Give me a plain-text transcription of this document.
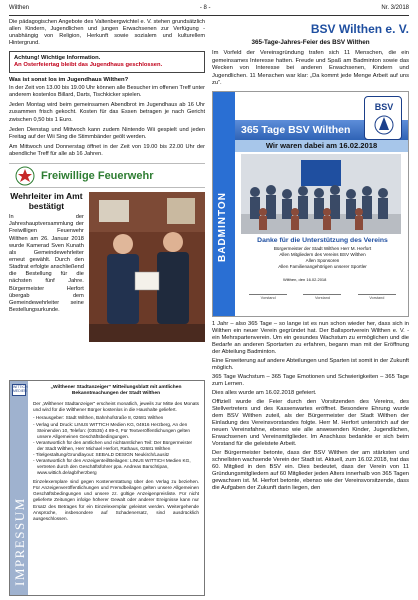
Wilthen	- 8 -	Nr. 3/2018

Die pädagogischen Angebote des Valtenbergwichtel e. V. stehen grundsätzlich allen Kindern, Jugendlichen und jungen Erwachsenen zur Verfügung - unabhängig von Religion, Herkunft sowie sozialem und kulturellem Hintergrund.

Achtung! Wichtige Information.
An Osterfeiertag bleibt das Jugendhaus geschlossen.
Was ist sonst los im Jugendhaus Wilthen?

In der Zeit von 13.00 bis 19.00 Uhr können alle Besucher im offenen Treff unter anderem kostenlos Billard, Darts, Tischkicker spielen.

Jeden Montag wird beim gemeinsamen Abendbrot im Jugendhaus ab 16 Uhr zusammen frisch gekocht. Kosten für das Essen betragen je nach Gericht zwischen 0,50 bis 1 Euro.

Jeden Dienstag und Mittwoch kann zudem Nintendo Wii gespielt und jeden Freitag auf der Wii Sing die Stimmbänder geölt werden.

Am Mittwoch und Donnerstag öffnet in der Zeit von 19.00 bis 22.00 Uhr der abendliche Treff für alle ab 16 Jahren.

Freiwillige Feuerwehr
Wehrleiter im Amt bestätigt

In der Jahreshauptversammlung der Freiwilligen Feuerwehr Wilthen am 26. Januar 2018 wurde Kamerad Sven Kunath als Gemeindewehrleiter erneut gewählt. Durch den Stadtrat erfolgte anschließend die Bestellung für die nächsten fünf Jahre. Bürgermeister Herfort übergab dem Gemeindewehrleiter seine Bestellungsurkunde.

WITTICH MEDIEN
IMPRESSUM
„Wilthener Stadtanzeiger“ Mitteilungsblatt mit amtlichen Bekanntmachungen der Stadt Wilthen

Der „Wilthener Stadtanzeiger“ erscheint monatlich, jeweils zur Mitte des Monats und wird für die Wilthener Bürger kostenlos in die Haushalte geliefert.

- Herausgeber: Stadt Wilthen, Bahnhofstraße 8, 02681 Wilthen
- Verlag und Druck: LINUS WITTICH Medien KG, 04916 Herzberg, An den Steinenden 10, Telefon: (03535) 4 89-0, Für Textveröffentlichungen gelten unsere Allgemeinen Geschäftsbedingungen.
- Verantwortlich für den amtlichen und nichtamtlichen Teil: Der Bürgermeister der Stadt Wilthen, Herr Michael Herfort, Rathaus, 02681 Wilthen
- Titelgestaltung/Grundlayout: SEBALD DESIGN Neukirch/Lausitz
- Verantwortlich für den Anzeigenteil/Beilagen: LINUS WITTICH Medien KG, vertreten durch den Geschäftsführer ppa. Andreas Barschtipan, www.wittich.de/agb/herzberg

Einzelexemplare sind gegen Kostenerstattung über den Verlag zu beziehen. Für Anzeigenveröffentlichungen und Fremdbeilagen gelten unsere Allgemeinen Geschäftsbedingungen und unsere zz. gültige Anzeigenpreisliste. Für nicht gelieferte Zeitungen infolge höherer Gewalt oder anderer Ereignisse kann nur Ersatz des Betrages für ein Einzelexemplar geleistet werden. Weitergehende Ansprüche, insbesondere auf Schadenersatz, sind ausdrücklich ausgeschlossen.

BSV Wilthen e. V.
365-Tage-Jahres-Feier des BSV Wilthen

Im Vorfeld der Vereinsgründung trafen sich 11 Menschen, die ein gemeinsames Interesse hatten. Freude und Spaß am Badminton sowie das Wecken von Interesse bei anderen Erwachsenen, Kindern und Jugendlichen. 11 Menschen war klar: „Da kommt jede Menge Arbeit auf uns zu“.

BADMINTON
365 Tage BSV Wilthen
BSV
Wir waren dabei am 16.02.2018
Danke für die Unterstützung des Vereins
Bürgermeister der Stadt Wilthen Herr M. Herfort
Allen Mitgliedern des Vereins BSV Wilthen
Allen Sponsoren
Allen Familienangehörigen unserer Sportler
Wilthen, den 16.02.2018
Vorstand	Vorstand	Vorstand

1 Jahr – also 365 Tage – so lange ist es nun schon wieder her, dass sich in Wilthen ein neuer Verein gegründet hat. Der Ballsportverein Wilthen e. V. - ein Mehrspartenverein. Um ein gesundes Wachstum zu ermöglichen und die Bedarfe an anderen Sportarten zu erfahren, begann man mit der Eröffnung der Abteilung Badminton.

Eine Erweiterung auf andere Abteilungen und Sparten ist somit in der Zukunft möglich.

365 Tage Wachstum – 365 Tage Emotionen und Schwierigkeiten – 365 Tage zum Lernen.

Dies alles wurde am 16.02.2018 gefeiert.

Offiziell wurde die Feier durch den Vorsitzenden des Vereins, des Stellvertreters und des Kassenwartes eröffnet. Besondere Ehrung wurde dem BSV Wilthen zuteil, als der Bürgermeister der Stadt Wilthen der Einladung des Vereinsvorstandes folgte. Herr M. Herfort unterstrich auf der neuen Vereinsfahne, ebenso wie alle anwesenden Kinder, Jugendlichen, Erwachsenen und Vereinsmitglieder. Im Anschluss bedankte er sich beim Vorstand für die geleistete Arbeit.

Der Bürgermeister betonte, dass der BSV Wilthen der am stärksten und schnellsten wachsende Verein der Stadt ist. Aktuell, zum 16.02.2018, trat das 60. Mitglied in den BSV ein. Dies bedeutet, dass der Verein von 11 Gründungsmitgliedern auf 60 Mitglieder jeden Alters innerhalb von 365 Tagen gewachsen ist. M. Herfort betonte, ebenso wie der Vereinsvorsitzende, dass die Aufgaben der Zukunft darin liegen, den
